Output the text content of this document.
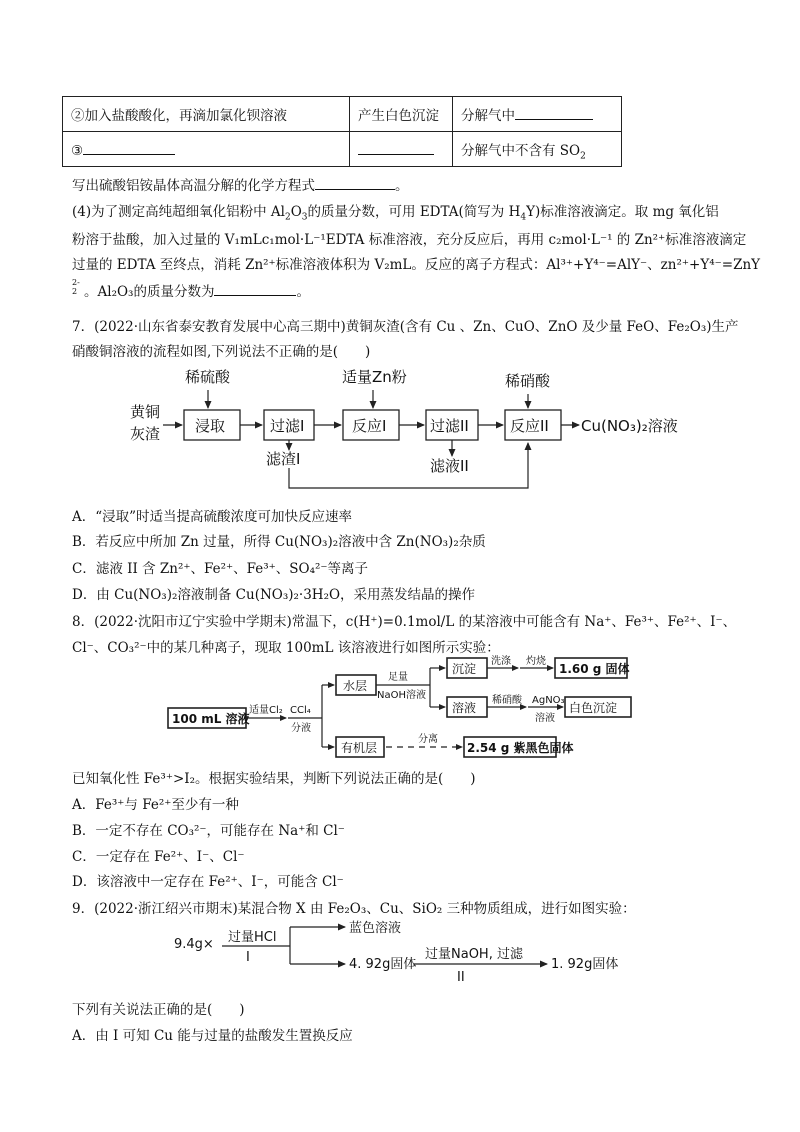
②加入盐酸酸化，再滴加氯化钡溶液	产生白色沉淀	分解气中
③		分解气中不含有 $SO_2$
写出硫酸铝铵晶体高温分解的化学方程式	。
(4)为了测定高纯超细氧化铝粉中 $Al_2O_3$的质量分数，可用 EDTA(简写为 $H_4Y$)标准溶液滴定。取 mg 氧化铝
粉溶于盐酸，加入过量的 V₁mLc₁mol·L⁻¹EDTA 标准溶液，充分反应后，再用 c₂mol·L⁻¹ 的 Zn²⁺标准溶液滴定
过量的 EDTA 至终点，消耗 Zn²⁺标准溶液体积为 V₂mL。反应的离子方程式：Al³⁺+Y⁴⁻=AlY⁻、zn²⁺+Y⁴⁻=ZnY
2- 2 。Al₂O₃的质量分数为	。
7．(2022·山东省泰安教育发展中心高三期中)黄铜灰渣(含有 Cu 、Zn、CuO、ZnO 及少量 FeO、Fe₂O₃)生产
硝酸铜溶液的流程如图,下列说法不正确的是(　　)
稀硫酸	适量Zn粉	稀硝酸
黄铜
灰渣 浸取	过滤I	反应I	过滤II	反应II Cu(NO₃)₂溶液
滤渣I	滤液II
A．“浸取”时适当提高硫酸浓度可加快反应速率
B．若反应中所加 Zn 过量，所得 Cu(NO₃)₂溶液中含 Zn(NO₃)₂杂质
C．滤液 II 含 Zn²⁺、Fe²⁺、Fe³⁺、SO₄²⁻等离子
D．由 Cu(NO₃)₂溶液制备 Cu(NO₃)₂·3H₂O，采用蒸发结晶的操作
8．(2022·沈阳市辽宁实验中学期末)常温下，c(H⁺)=0.1mol/L 的某溶液中可能含有 Na⁺、Fe³⁺、Fe²⁺、I⁻、
Cl⁻、CO₃²⁻中的某几种离子，现取 100mL 该溶液进行如图所示实验：
100 mL 溶液
水层
沉淀	1.60 g 固体
溶液	白色沉淀
有机层	2.54 g 紫黑色固体
适量Cl₂ CCl₄
分液
足量
NaOH溶液
洗涤 灼烧
稀硝酸 AgNO₃
溶液
分离
已知氧化性 Fe³⁺>I₂。根据实验结果，判断下列说法正确的是(　　)
A．Fe³⁺与 Fe²⁺至少有一种
B．一定不存在 CO₃²⁻，可能存在 Na⁺和 Cl⁻
C．一定存在 Fe²⁺、I⁻、Cl⁻
D．该溶液中一定存在 Fe²⁺、I⁻，可能含 Cl⁻
9．(2022·浙江绍兴市期末)某混合物 X 由 Fe₂O₃、Cu、SiO₂ 三种物质组成，进行如图实验：
9.4g× 过量HCl
I
蓝色溶液
4. 92g固体
过量NaOH, 过滤
II
1. 92g固体
下列有关说法正确的是(　　)
A．由 I 可知 Cu 能与过量的盐酸发生置换反应
